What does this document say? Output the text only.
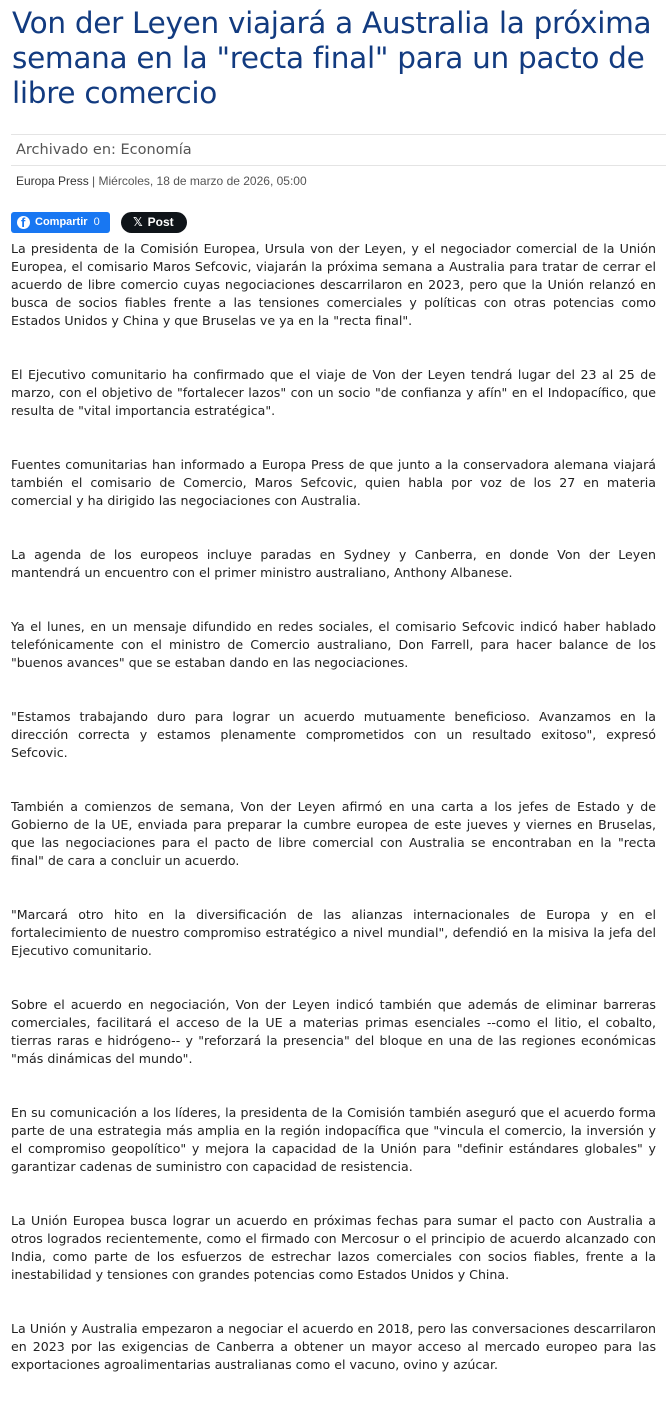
Von der Leyen viajará a Australia la próxima semana en la "recta final" para un pacto de libre comercio
Archivado en: Economía
Europa Press | Miércoles, 18 de marzo de 2026, 05:00
f
Compartir 0	𝕏 Post

La presidenta de la Comisión Europea, Ursula von der Leyen, y el negociador comercial de la Unión Europea, el comisario Maros Sefcovic, viajarán la próxima semana a Australia para tratar de cerrar el acuerdo de libre comercio cuyas negociaciones descarrilaron en 2023, pero que la Unión relanzó en busca de socios fiables frente a las tensiones comerciales y políticas con otras potencias como Estados Unidos y China y que Bruselas ve ya en la "recta final".

El Ejecutivo comunitario ha confirmado que el viaje de Von der Leyen tendrá lugar del 23 al 25 de marzo, con el objetivo de "fortalecer lazos" con un socio "de confianza y afín" en el Indopacífico, que resulta de "vital importancia estratégica".

Fuentes comunitarias han informado a Europa Press de que junto a la conservadora alemana viajará también el comisario de Comercio, Maros Sefcovic, quien habla por voz de los 27 en materia comercial y ha dirigido las negociaciones con Australia.

La agenda de los europeos incluye paradas en Sydney y Canberra, en donde Von der Leyen mantendrá un encuentro con el primer ministro australiano, Anthony Albanese.

Ya el lunes, en un mensaje difundido en redes sociales, el comisario Sefcovic indicó haber hablado telefónicamente con el ministro de Comercio australiano, Don Farrell, para hacer balance de los "buenos avances" que se estaban dando en las negociaciones.

"Estamos trabajando duro para lograr un acuerdo mutuamente beneficioso. Avanzamos en la dirección correcta y estamos plenamente comprometidos con un resultado exitoso", expresó Sefcovic.

También a comienzos de semana, Von der Leyen afirmó en una carta a los jefes de Estado y de Gobierno de la UE, enviada para preparar la cumbre europea de este jueves y viernes en Bruselas, que las negociaciones para el pacto de libre comercial con Australia se encontraban en la "recta final" de cara a concluir un acuerdo.

"Marcará otro hito en la diversificación de las alianzas internacionales de Europa y en el fortalecimiento de nuestro compromiso estratégico a nivel mundial", defendió en la misiva la jefa del Ejecutivo comunitario.

Sobre el acuerdo en negociación, Von der Leyen indicó también que además de eliminar barreras comerciales, facilitará el acceso de la UE a materias primas esenciales --como el litio, el cobalto, tierras raras e hidrógeno-- y "reforzará la presencia" del bloque en una de las regiones económicas "más dinámicas del mundo".

En su comunicación a los líderes, la presidenta de la Comisión también aseguró que el acuerdo forma parte de una estrategia más amplia en la región indopacífica que "vincula el comercio, la inversión y el compromiso geopolítico" y mejora la capacidad de la Unión para "definir estándares globales" y garantizar cadenas de suministro con capacidad de resistencia.

La Unión Europea busca lograr un acuerdo en próximas fechas para sumar el pacto con Australia a otros logrados recientemente, como el firmado con Mercosur o el principio de acuerdo alcanzado con India, como parte de los esfuerzos de estrechar lazos comerciales con socios fiables, frente a la inestabilidad y tensiones con grandes potencias como Estados Unidos y China.

La Unión y Australia empezaron a negociar el acuerdo en 2018, pero las conversaciones descarrilaron en 2023 por las exigencias de Canberra a obtener un mayor acceso al mercado europeo para las exportaciones agroalimentarias australianas como el vacuno, ovino y azúcar.
